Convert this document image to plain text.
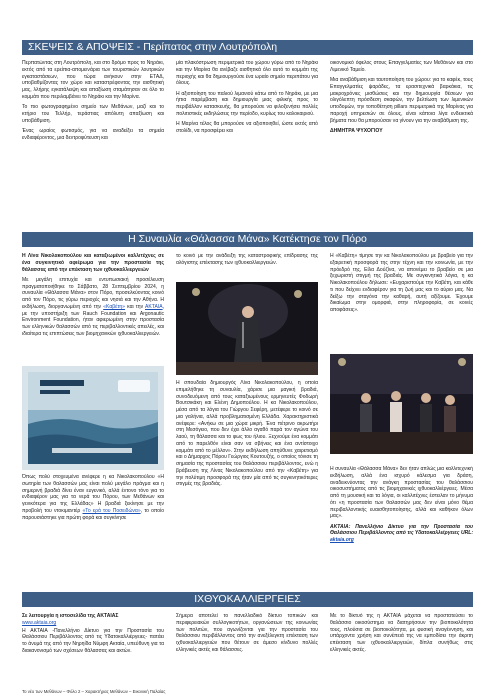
ΣΚΕΨΕΙΣ & ΑΠΟΨΕΙΣ - Περίπατος στην Λουτρόπολη

Περπατώντας στη Λουτρόπολη, και στο δρόμο προς το Νηράκι, εκτός από τα ερείπια-απομεινάρια των τουριστικών λουτρικών εγκαταστάσεων, που τώρα ανήκουν στην ΕΤΑΔ, υποβαθμίζοντας τον χώρο και καταστρέφοντας την αισθητική μας, λλήρης εγκατάλειψη και απαξίωση σταμάτησαν σε όλο το κομμάτι που περιλαμβάνει το Νηράκι και την Μαρίνα.

Το πιο φωτογραφημένο σημείο των Μεθάνων, μαζί και το κτήριο του Τελλήρ, τεράστιας απόλυτη απαξίωση και υποβάθμιση.

Ένας ωραίος φωτισμός, για να αναδείξει τα σημεία ενδιαφέροντος, μια δεντροφύτευση και

μία πλακόστρωση περιμετρικά του χώρου γύρω από το Νηράκι και την Μαρίνα θα ανέβαζε αισθητικά όλο αυτό το κομμάτι της περιοχής και θα δημιουργούσε ένα ωραίο σημείο περιπάτου για όλους.

Η αξιοποίηση του παλιού λιμανιού κάτω από το Νηράκι, με μια ήπια παρέμβαση και δημιουργία μιας φιλικής προς το περιβάλλον κατασκευής, θα μπορούσε να φιλοξενήσει πολλές πολιτιστικές εκδηλώσεις την περίοδο, κυρίως του καλοκαιριού.

Η Μαρίνα τέλος θα μπορούσε να αξιοποιηθεί, ώστε εκτός από στολίδι, να προσφέρει και

οικονομικό όφελος στους Επαγγελματίες των Μεθάνων και στο Λιμενικό Ταμείο.

Μια αναβάθμιση και ταυτοποίηση του χώρου: για το καφέκ, τους Επαγγελματίες ψαράδες, τα ερασιτεχνικά βαρκάκια, τις μακροχρόνιες μισθώσεις και την δημιουργία θέσεων για ολιγόλεπτη πρόσδεση σκαφών, την βελτίωση των λιμενικών υποδομών, την τοποθέτηση pillars περιμετρικά της Μαρίνας για παροχή υπηρεσιών σε όλους, είναι κάποια λίγα ενδεικτικά βήματα που θα μπορούσαν να γίνουν για την αναβάθμιση της.

ΔΗΜΗΤΡΑ ΨΥΧΟΓΙΟΥ

Η Συναυλία «Θάλασσα Μάνα» Κατέκτησε τον Πόρο

Η Λίνα Νικολακοπούλου και καταξιωμένοι καλλιτέχνες σε ένα συγκινητικό αφιέρωμα για την προστασία της θάλασσας από την επέκταση των ιχθυοκαλλιεργειών

Με μεγάλη επιτυχία και εντυπωσιακή προσέλευση πραγματοποιήθηκε το Σάββατο, 28 Σεπτεμβρίου 2024, η συναυλία «Θάλασσα Μάνα» στον Πόρο, προσελκύοντας κοινό από τον Πόρο, τις γύρω περιοχές και νησιά και την Αθήνα. Η εκδήλωση, διοργανωμένη από την «Καβέτη» και την ΑΚΤΑΙΑ, με την υποστήριξη των Rauch Foundation και Argonautic Environment Foundation, ήταν αφιερωμένη στην προστασία των ελληνικών θαλασσών από τις περιβαλλοντικές απειλές, και ιδιαίτερα τις επιπτώσεις των βιομηχανικών ιχθυοκαλλιεργειών.

Όπως πολύ στοχευμένα ανέφερε η κα Νικολακοπούλου «Η σωτηρία των θαλασσών μας είναι πολύ μεγάλο πράγμα και η σημερινή βραδιά δίνει έναν ευγενικό, αλλά έντονο τόνο για το ενδιαφέρον μας για τα νερά του Πόρου, των Μεθάνων και γενικότερα για της Ελλάδας» Η βραδιά ξεκίνησε με την προβολή του ντοκιμαντέρ «Το ερά του Ποσειδώνα», το οποίο παρουσιάστηκε για πρώτη φορά και συγκίνησε

το κοινό με την ανάδειξη της καταστροφικής επίδρασης της αλόγιστης επέκτασης των ιχθυοκαλλιεργειών.

Η σπουδαία δημιουργός Λίνα Νικολακοπούλου, η οποία επιμελήθηκε τη συναυλία, χάρισε μια μαγική βραδιά, συνοδευόμενη από τους καταξιωμένους ερμηνευτές Φοδωρή Βουτσικάκη και Ελένη Δημοπούλου. Η κα Νικολακοπούλου, μέσα από τα λόγια του Γιώργου Σεφέρη, μετέφερε το κοινό σε μια γαλήνια, αλλά προβληματισμένη Ελλάδα. Χαρακτηριστικά ανέφερε: «Ανήκω σε μια χώρα μικρή. Ένα πέτρινο ακρωτήρι στη Μεσόγειο, που δεν έχει άλλο αγαθό παρά τον αγώνα του λαού, τη θάλασσα και το φως του ήλιου. Ξεχνούμε ένα κομμάτι από το παρελθόν είναι σαν να σβήνεις και ένα αντίστοιχο κομμάτι από το μέλλον». Στην εκδήλωση απηύθυνε χαιρετισμό και ο Δήμαρχος Πόρου Γεώργιος Κουτουζής, ο οποίος τόνισε τη σημασία της προστασίας του θαλάσσιου περιβάλλοντος, ενώ η βράβευση της Λίνας Νικολακοπούλου από την «Καβέτη» για την πολύτιμη προσφορά της ήταν μία από τις συγκινητικότερες στιγμές της βραδιάς.

Η «Καβέτη» τίμησε την κα Νικολακοπούλου με βραβείο για την εξαιρετική προσφορά της στην τέχνη και την κοινωνία, με την πρόεδρό της, Είλα Δούζίνα, να απονέμει το βραβείο σε μια ξεχωριστή στιγμή της βραδιάς. Με συγκινητικά λόγια, η κα Νικολακοπούλου δήλωσε: «Ευχαριστούμε την Καβέτη, και κάθε τι που δείχνει ενδιαφέρον για τη ζωή μας και το αύριο μας. Να δείξω την σταγόνα την καθαρή, αυτή αξίζουμε. Έχουμε δικαίωμα στην ομορφιά, στην πληροφορία, σε κοινές αποφάσεις».

Η συναυλία «Θάλασσα Μάνα» δεν ήταν απλώς μια καλλιτεχνική εκδήλωση, αλλά ένα ισχυρό κάλεσμα για δράση, αναδεικνύοντας την ανάγκη προστασίας του θαλάσσιου οικοσυστήματος από τις βιομηχανικές ιχθυοκαλλιέργειες. Μέσα από τη μουσική και τα λόγια, οι καλλιτέχνες έστειλαν το μήνυμα ότι «η προστασία των θαλασσών μας δεν είναι μόνο θέμα περιβαλλοντικής ευαισθητοποίησης, αλλά και καθήκον όλων μας».

ΑΚΤΑΙΑ: Πανελλήνιο Δίκτυο για την Προστασία του Θαλάσσιου Περιβάλλοντος από τις Υδατοκαλλιέργειες URL: aktaia.org

ΙΧΘΥΟΚΑΛΛΙΕΡΓΕΙΕΣ

Σε λειτουργία η ιστοσελίδα της ΑΚΤΑΙΑΣ

www.aktaia.org

Η ΑΚΤΑΙΑ -Πανελλήνιο Δίκτυο για την Προστασία του Θαλάσσιου Περιβάλλοντος από τις Υδατοκαλλιέργειες- πατάει το άνυμά της από την Νηρηίδα Νύμφη Ακταία, υπεύθυνη για τα διακανονισμό των σχέσεων θάλασσας και ακτών.

Σήμερα αποτελεί το πανελλαδικό δίκτυο τοπικών και περιφερειακών συλλογικοτήτων, οργανώσεων της κοινωνίας των πολιτών, που αγωνίζονται για την προστασία του θαλάσσιου περιβάλλοντος από την ανεξέλεγκτη επέκταση των ιχθυοκαλλιεργειών που θέτουν σε άμεσο κίνδυνο πολλές ελληνικές ακτές και θάλασσες.

Με το δίκτυό της η ΑΚΤΑΙΑ μάχεται να προστατεύσει το θαλάσσιο οικοσύστημα να διατηρήσουν την βιοποικιλότητα τους, πλούσια σε βιοποικιλότητα, με φυσική αναγέννηση, και υπάρχοντα χρήση και συνέπειά της να εμποδίσει την άκριτη επέκταση των ιχθυοκαλλιεργειών, δίπλα συνήθως στις ελληνικές ακτές.

Το νέο των Μεθάνων – Φύλο 2 – Χαρακτήρας Μεθάνων – Εικονική Παλαίας
